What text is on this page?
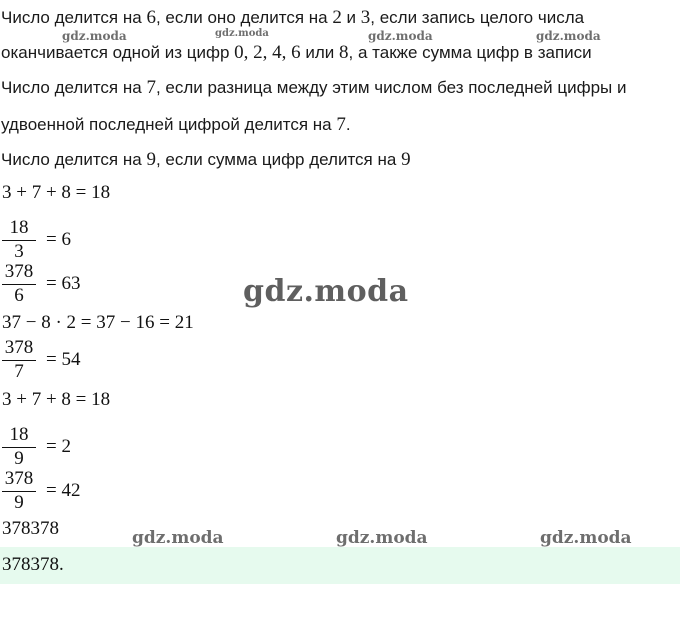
Число делится на 6, если оно делится на 2 и 3, если запись целого числа
оканчивается одной из цифр 0, 2, 4, 6 или 8, а также сумма цифр в записи
Число делится на 7, если разница между этим числом без последней цифры и
удвоенной последней цифрой делится на 7.
Число делится на 9, если сумма цифр делится на 9
3 + 7 + 8 = 18
18
3
= 6
378
6
= 63
37 − 8 · 2 = 37 − 16 = 21
378
7
= 54
3 + 7 + 8 = 18
18
9
= 2
378
9
= 42
378378
378378.
gdz.moda	gdz.moda	gdz.moda	gdz.moda
gdz.moda
gdz.moda	gdz.moda	gdz.moda
